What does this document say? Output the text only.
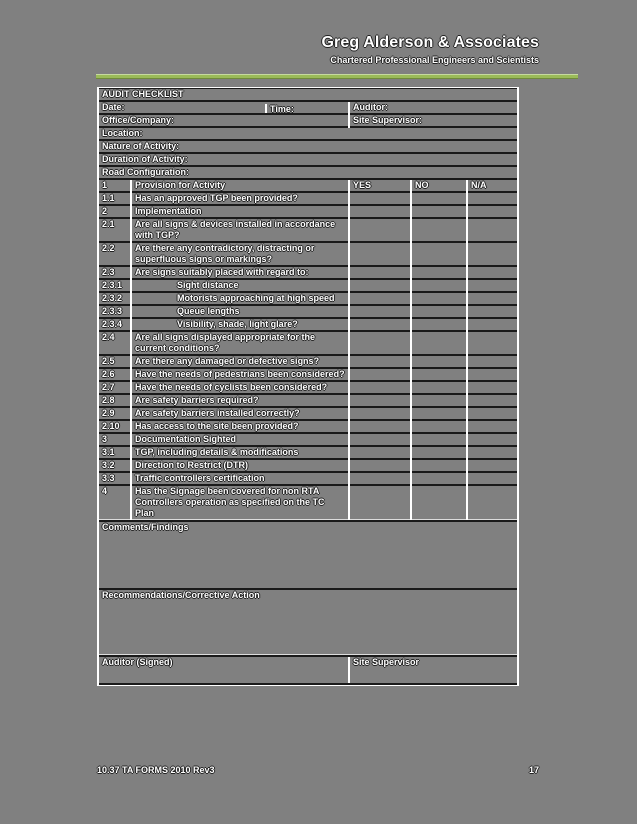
Greg Alderson & Associates
Chartered Professional Engineers and Scientists
AUDIT CHECKLIST				
Date: Time:		Auditor:		
Office/Company:		Site Supervisor:		
Location:				
Nature of Activity:				
Duration of Activity:				
Road Configuration:				
1	Provision for Activity	YES	NO	N/A
1.1	Has an approved TGP been provided?			
2	Implementation			
2.1	Are all signs & devices installed in accordance with TGP?			
2.2	Are there any contradictory, distracting or superfluous signs or markings?			
2.3	Are signs suitably placed with regard to:			
2.3.1	Sight distance			
2.3.2	Motorists approaching at high speed			
2.3.3	Queue lengths			
2.3.4	Visibility, shade, light glare?			
2.4	Are all signs displayed appropriate for the current conditions?			
2.5	Are there any damaged or defective signs?			
2.6	Have the needs of pedestrians been considered?			
2.7	Have the needs of cyclists been considered?			
2.8	Are safety barriers required?			
2.9	Are safety barriers installed correctly?			
2.10	Has access to the site been provided?			
3	Documentation Sighted			
3.1	TGP, including details & modifications			
3.2	Direction to Restrict (DTR)			
3.3	Traffic controllers certification			
4	Has the Signage been covered for non RTA Controllers operation as specified on the TC Plan			
Comments/Findings
Recommendations/Corrective Action
Auditor (Signed)	Site Supervisor
10.37 TA FORMS 2010 Rev3	17
